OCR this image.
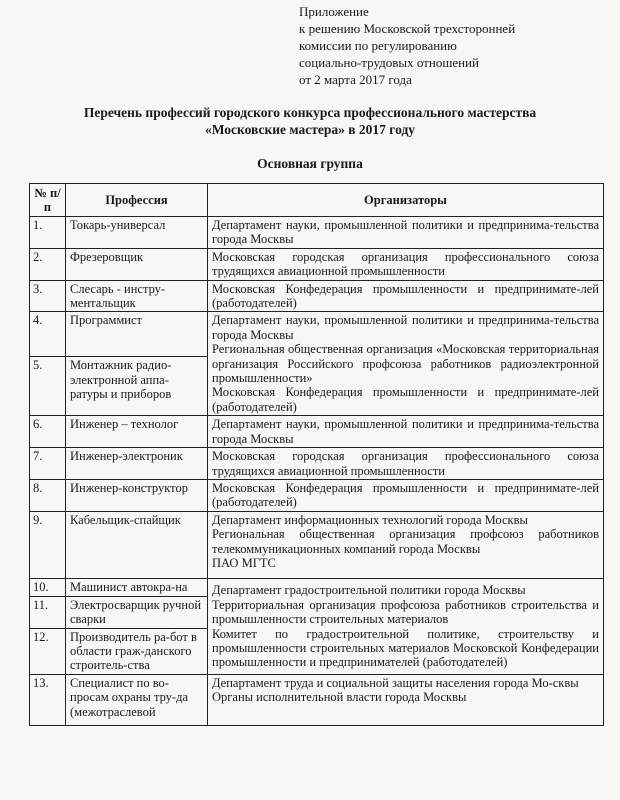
Приложение
к решению Московской трехсторонней
комиссии по регулированию
социально-трудовых отношений
от 2 марта 2017 года
Перечень профессий городского конкурса профессионального мастерства
«Московские мастера» в 2017 году
Основная группа
№ п/п	Профессия	Организаторы
1.	Токарь-универсал	Департамент науки, промышленной политики и предпринима-тельства города Москвы

2.	Фрезеровщик	Московская городская организация профессионального союза трудящихся авиационной промышленности

3.	Слесарь - инстру-ментальщик	Московская Конфедерация промышленности и предпринимате-лей (работодателей)

4.	Программист	Департамент науки, промышленной политики и предпринима-тельства города Москвы
Региональная общественная организация «Московская территориальная организация Российского профсоюза работников радиоэлектронной промышленности»
Московская Конфедерация промышленности и предпринимате-лей (работодателей)

5.	Монтажник радио-электронной аппа-ратуры и приборов	
6.	Инженер – технолог	Департамент науки, промышленной политики и предпринима-тельства города Москвы

7.	Инженер-электроник	Московская городская организация профессионального союза трудящихся авиационной промышленности

8.	Инженер-конструктор	Московская Конфедерация промышленности и предпринимате-лей (работодателей)

9.	Кабельщик-спайщик	Департамент информационных технологий города Москвы
Региональная общественная организация профсоюз работников телекоммуникационных компаний города Москвы
ПАО МГТС

10.	Машинист автокра-на	Департамент градостроительной политики города Москвы
Территориальная организация профсоюза работников строительства и промышленности строительных материалов
Комитет по градостроительной политике, строительству и промышленности строительных материалов Московской Конфедерации промышленности и предпринимателей (работодателей)

11.	Электросварщик ручной сварки	
12.	Производитель ра-бот в области граж-данского строитель-ства	
13.	Специалист по во-просам охраны тру-да (межотраслевой	Департамент труда и социальной защиты населения города Мо-сквы
Органы исполнительной власти города Москвы
